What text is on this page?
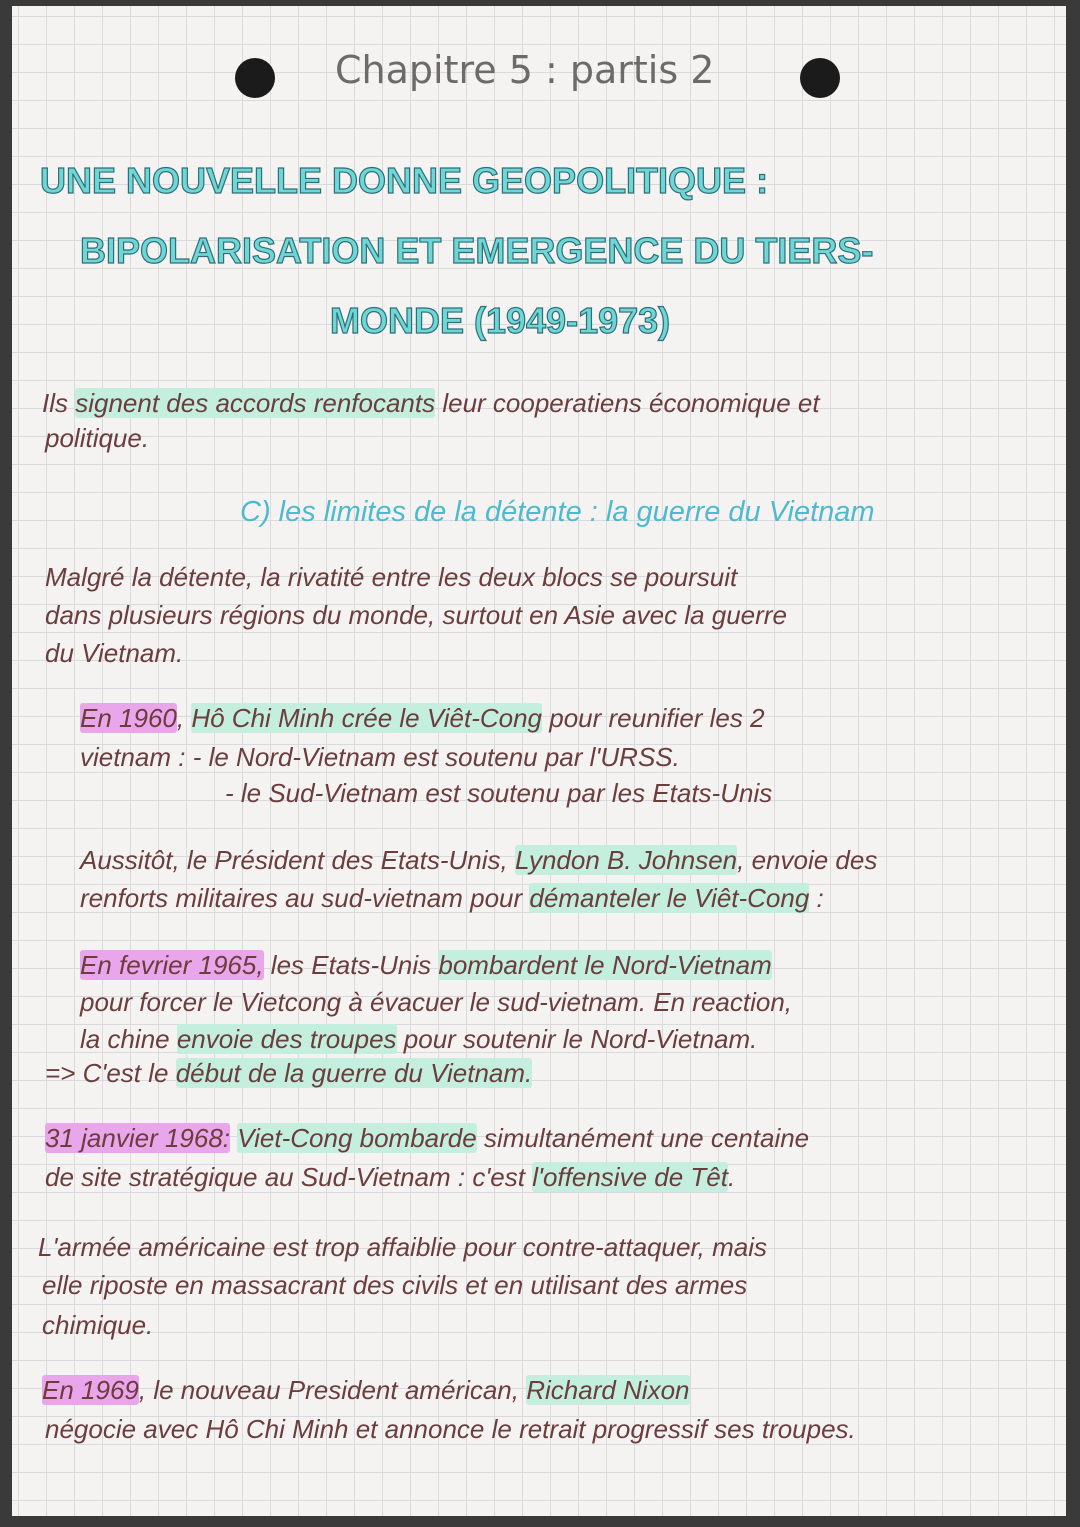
Chapitre 5 : partis 2
UNE NOUVELLE DONNE GEOPOLITIQUE :
BIPOLARISATION ET EMERGENCE DU TIERS-
MONDE (1949-1973)
C) les limites de la détente : la guerre du Vietnam
Ils signent des accords renfocants leur cooperatiens économique et
politique.
Malgré la détente, la rivatité entre les deux blocs se poursuit
dans plusieurs régions du monde, surtout en Asie avec la guerre
du Vietnam.
En 1960, Hô Chi Minh crée le Viêt-Cong pour reunifier les 2
vietnam : - le Nord-Vietnam est soutenu par l'URSS.
- le Sud-Vietnam est soutenu par les Etats-Unis
Aussitôt, le Président des Etats-Unis, Lyndon B. Johnsen, envoie des
renforts militaires au sud-vietnam pour démanteler le Viêt-Cong :
En fevrier 1965, les Etats-Unis bombardent le Nord-Vietnam
pour forcer le Vietcong à évacuer le sud-vietnam. En reaction,
la chine envoie des troupes pour soutenir le Nord-Vietnam.
=> C'est le début de la guerre du Vietnam.
31 janvier 1968: Viet-Cong bombarde simultanément une centaine
de site stratégique au Sud-Vietnam : c'est l'offensive de Têt.
L'armée américaine est trop affaiblie pour contre-attaquer, mais
elle riposte en massacrant des civils et en utilisant des armes
chimique.
En 1969, le nouveau President américan, Richard Nixon
négocie avec Hô Chi Minh et annonce le retrait progressif ses troupes.
